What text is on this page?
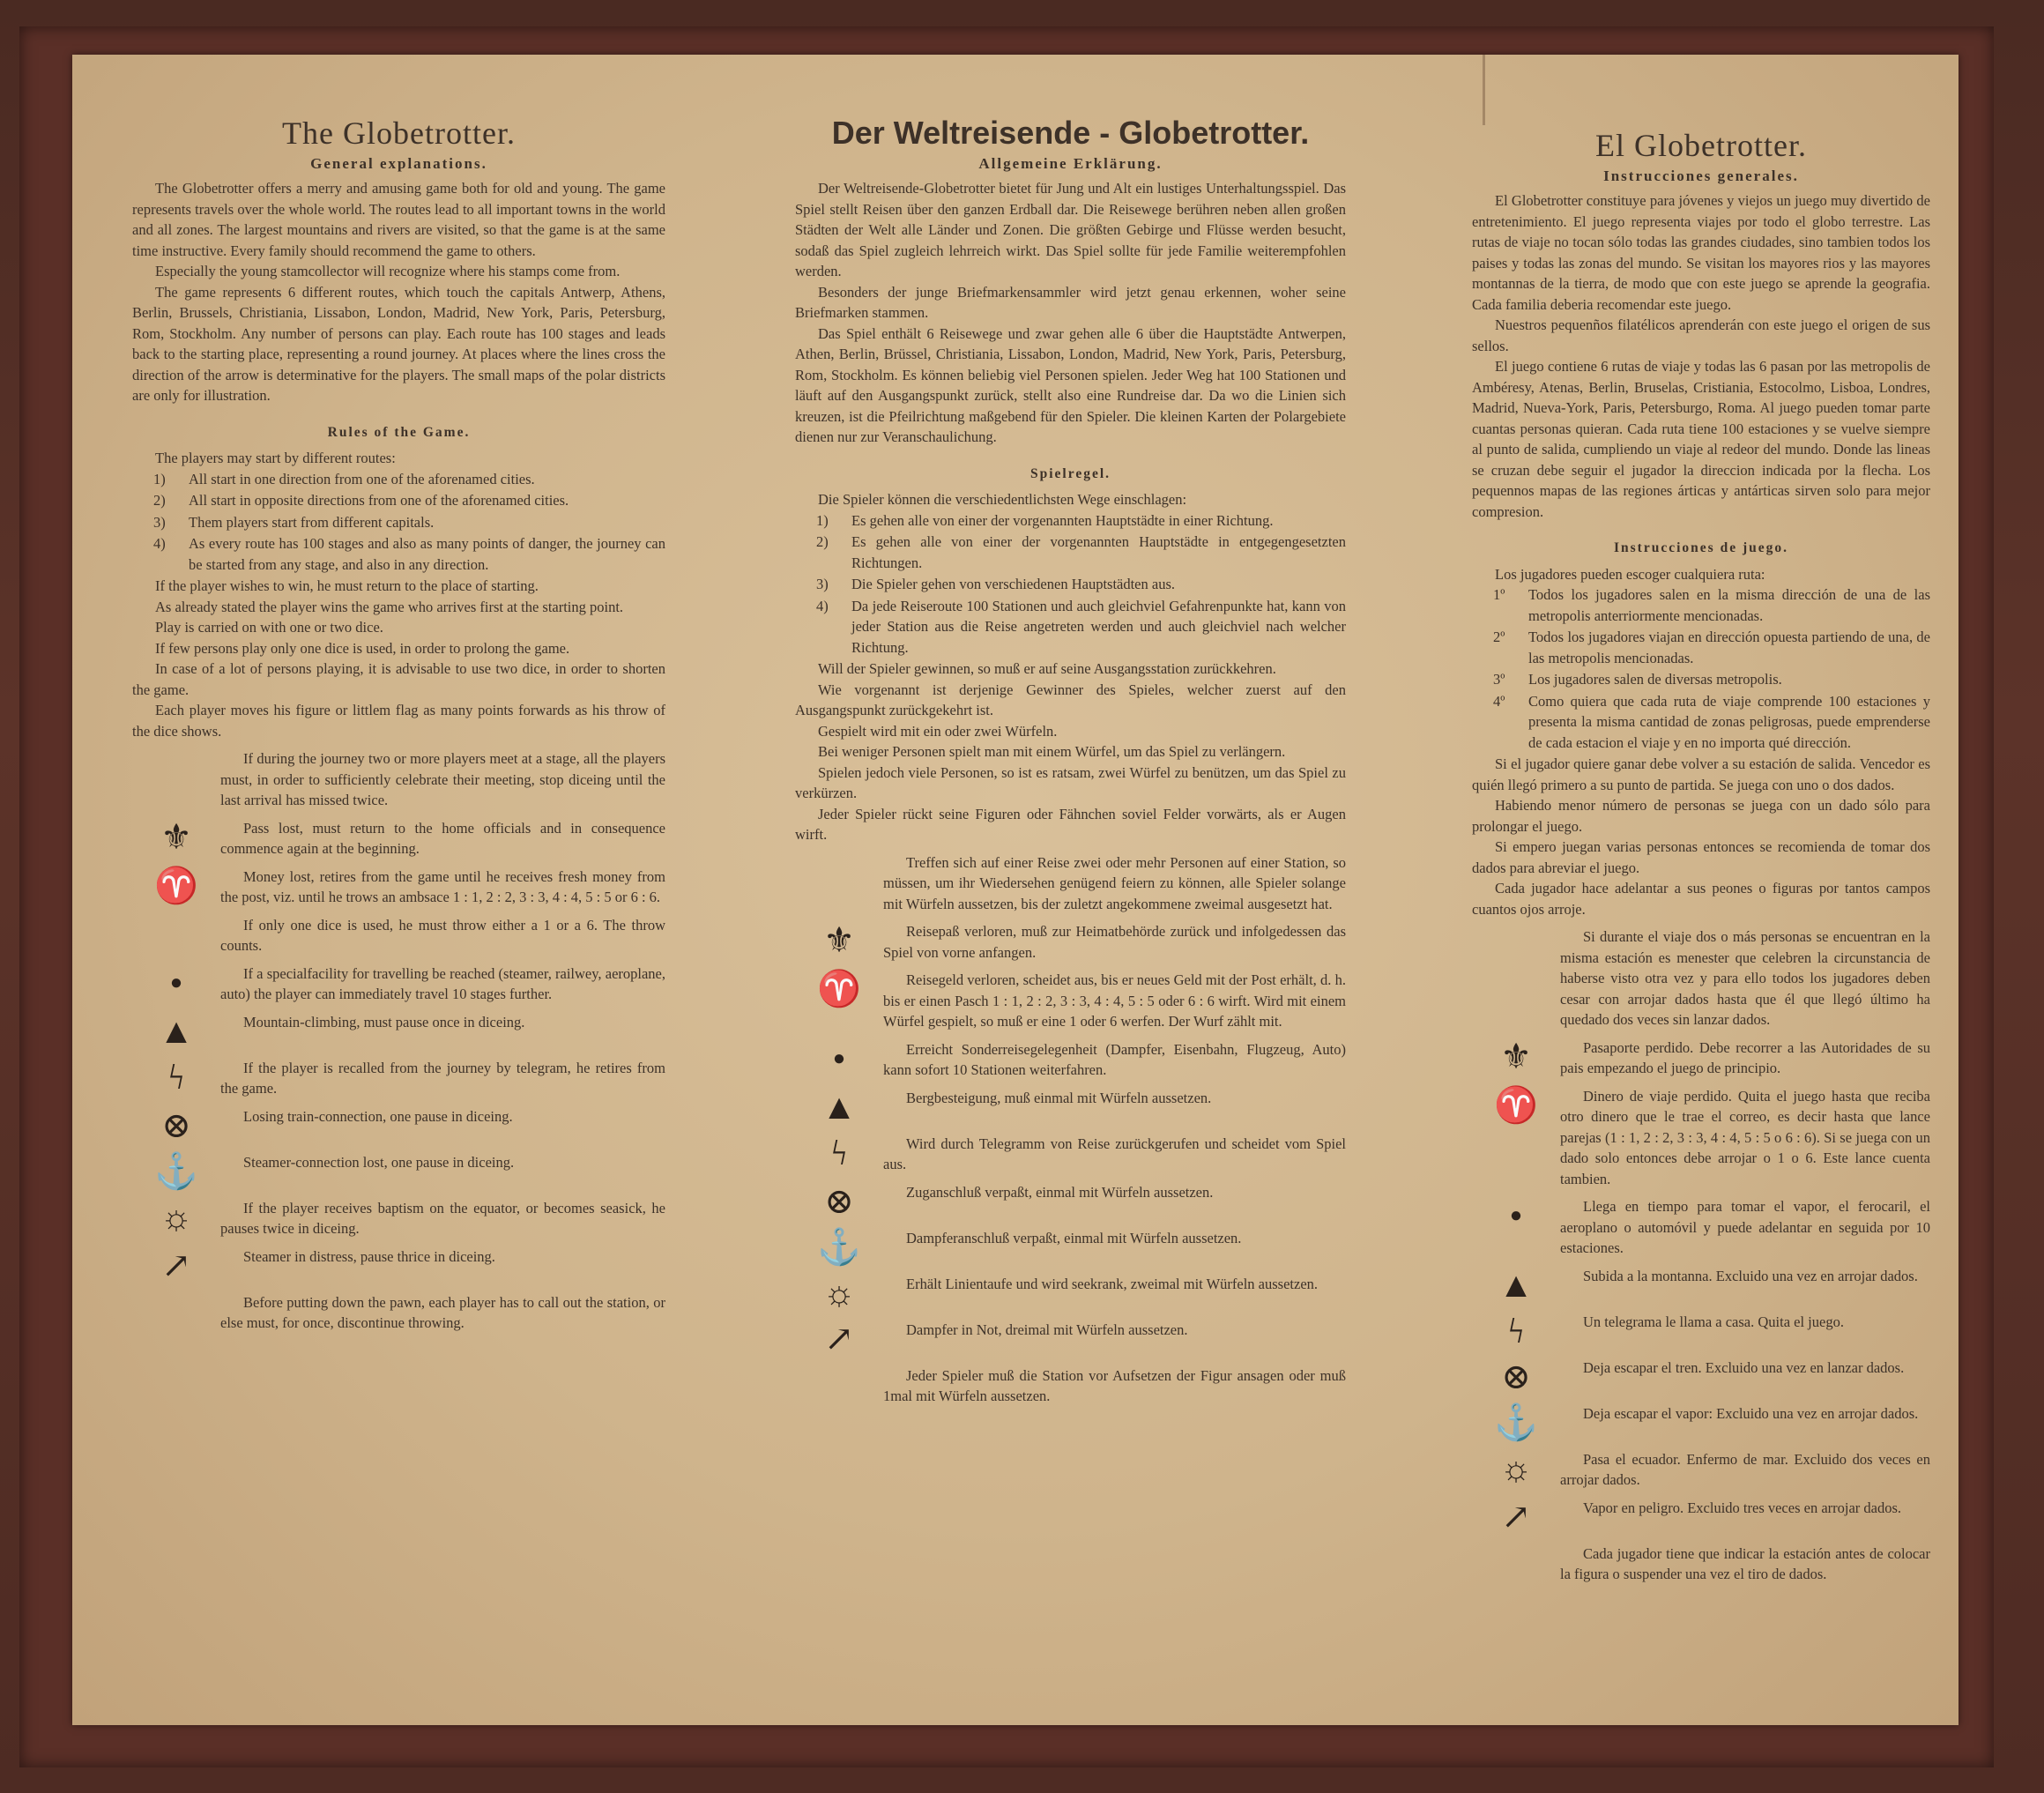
The Globetrotter.
General explanations.

The Globetrotter offers a merry and amusing game both for old and young. The game represents travels over the whole world. The routes lead to all important towns in the world and all zones. The largest mountains and rivers are visited, so that the game is at the same time instructive. Every family should recommend the game to others.

Especially the young stamcollector will recognize where his stamps come from.

The game represents 6 different routes, which touch the capitals Antwerp, Athens, Berlin, Brussels, Christiania, Lissabon, London, Madrid, New York, Paris, Petersburg, Rom, Stockholm. Any number of persons can play. Each route has 100 stages and leads back to the starting place, representing a round journey. At places where the lines cross the direction of the arrow is determinative for the players. The small maps of the polar districts are only for illustration.

Rules of the Game.

The players may start by different routes:

1) All start in one direction from one of the aforenamed cities.
2) All start in opposite directions from one of the aforenamed cities.
3) Them players start from different capitals.
4) As every route has 100 stages and also as many points of danger, the journey can be started from any stage, and also in any direction.

If the player wishes to win, he must return to the place of starting.

As already stated the player wins the game who arrives first at the starting point.

Play is carried on with one or two dice.

If few persons play only one dice is used, in order to prolong the game.

In case of a lot of persons playing, it is advisable to use two dice, in order to shorten the game.

Each player moves his figure or littlem flag as many points forwards as his throw of the dice shows.

If during the journey two or more players meet at a stage, all the players must, in order to sufficiently celebrate their meeting, stop diceing until the last arrival has missed twice.
⚜	Pass lost, must return to the home officials and in consequence commence again at the beginning.
♈	Money lost, retires from the game until he receives fresh money from the post, viz. until he trows an ambsace 1 : 1, 2 : 2, 3 : 3, 4 : 4, 5 : 5 or 6 : 6.
If only one dice is used, he must throw either a 1 or a 6. The throw counts.
●	If a specialfacility for travelling be reached (steamer, railwey, aeroplane, auto) the player can immediately travel 10 stages further.
▲	Mountain-climbing, must pause once in diceing.
ϟ	If the player is recalled from the journey by telegram, he retires from the game.
⊗	Losing train-connection, one pause in diceing.
⚓	Steamer-connection lost, one pause in diceing.
☼	If the player receives baptism on the equator, or becomes seasick, he pauses twice in diceing.
↗	Steamer in distress, pause thrice in diceing.
Before putting down the pawn, each player has to call out the station, or else must, for once, discontinue throwing.
Der Weltreisende - Globetrotter.
Allgemeine Erklärung.

Der Weltreisende-Globetrotter bietet für Jung und Alt ein lustiges Unterhaltungsspiel. Das Spiel stellt Reisen über den ganzen Erdball dar. Die Reisewege berühren neben allen großen Städten der Welt alle Länder und Zonen. Die größten Gebirge und Flüsse werden besucht, sodaß das Spiel zugleich lehrreich wirkt. Das Spiel sollte für jede Familie weiterempfohlen werden.

Besonders der junge Briefmarkensammler wird jetzt genau erkennen, woher seine Briefmarken stammen.

Das Spiel enthält 6 Reisewege und zwar gehen alle 6 über die Hauptstädte Antwerpen, Athen, Berlin, Brüssel, Christiania, Lissabon, London, Madrid, New York, Paris, Petersburg, Rom, Stockholm. Es können beliebig viel Personen spielen. Jeder Weg hat 100 Stationen und läuft auf den Ausgangspunkt zurück, stellt also eine Rundreise dar. Da wo die Linien sich kreuzen, ist die Pfeilrichtung maßgebend für den Spieler. Die kleinen Karten der Polargebiete dienen nur zur Veranschaulichung.

Spielregel.

Die Spieler können die verschiedentlichsten Wege einschlagen:

1) Es gehen alle von einer der vorgenannten Hauptstädte in einer Richtung.
2) Es gehen alle von einer der vorgenannten Hauptstädte in entgegengesetzten Richtungen.
3) Die Spieler gehen von verschiedenen Hauptstädten aus.
4) Da jede Reiseroute 100 Stationen und auch gleichviel Gefahrenpunkte hat, kann von jeder Station aus die Reise angetreten werden und auch gleichviel nach welcher Richtung.

Will der Spieler gewinnen, so muß er auf seine Ausgangsstation zurückkehren.

Wie vorgenannt ist derjenige Gewinner des Spieles, welcher zuerst auf den Ausgangspunkt zurückgekehrt ist.

Gespielt wird mit ein oder zwei Würfeln.

Bei weniger Personen spielt man mit einem Würfel, um das Spiel zu verlängern.

Spielen jedoch viele Personen, so ist es ratsam, zwei Würfel zu benützen, um das Spiel zu verkürzen.

Jeder Spieler rückt seine Figuren oder Fähnchen soviel Felder vorwärts, als er Augen wirft.

Treffen sich auf einer Reise zwei oder mehr Personen auf einer Station, so müssen, um ihr Wiedersehen genügend feiern zu können, alle Spieler solange mit Würfeln aussetzen, bis der zuletzt angekommene zweimal ausgesetzt hat.
⚜	Reisepaß verloren, muß zur Heimatbehörde zurück und infolgedessen das Spiel von vorne anfangen.
♈	Reisegeld verloren, scheidet aus, bis er neues Geld mit der Post erhält, d. h. bis er einen Pasch 1 : 1, 2 : 2, 3 : 3, 4 : 4, 5 : 5 oder 6 : 6 wirft. Wird mit einem Würfel gespielt, so muß er eine 1 oder 6 werfen. Der Wurf zählt mit.
●	Erreicht Sonderreisegelegenheit (Dampfer, Eisenbahn, Flugzeug, Auto) kann sofort 10 Stationen weiterfahren.
▲	Bergbesteigung, muß einmal mit Würfeln aussetzen.
ϟ	Wird durch Telegramm von Reise zurückgerufen und scheidet vom Spiel aus.
⊗	Zuganschluß verpaßt, einmal mit Würfeln aussetzen.
⚓	Dampferanschluß verpaßt, einmal mit Würfeln aussetzen.
☼	Erhält Linientaufe und wird seekrank, zweimal mit Würfeln aussetzen.
↗	Dampfer in Not, dreimal mit Würfeln aussetzen.
Jeder Spieler muß die Station vor Aufsetzen der Figur ansagen oder muß 1mal mit Würfeln aussetzen.
El Globetrotter.
Instrucciones generales.

El Globetrotter constituye para jóvenes y viejos un juego muy divertido de entretenimiento. El juego representa viajes por todo el globo terrestre. Las rutas de viaje no tocan sólo todas las grandes ciudades, sino tambien todos los paises y todas las zonas del mundo. Se visitan los mayores rios y las mayores montannas de la tierra, de modo que con este juego se aprende la geografia. Cada familia deberia recomendar este juego.

Nuestros pequenños filatélicos aprenderán con este juego el origen de sus sellos.

El juego contiene 6 rutas de viaje y todas las 6 pasan por las metropolis de Ambéresy, Atenas, Berlin, Bruselas, Cristiania, Estocolmo, Lisboa, Londres, Madrid, Nueva-York, Paris, Petersburgo, Roma. Al juego pueden tomar parte cuantas personas quieran. Cada ruta tiene 100 estaciones y se vuelve siempre al punto de salida, cumpliendo un viaje al redeor del mundo. Donde las lineas se cruzan debe seguir el jugador la direccion indicada por la flecha. Los pequennos mapas de las regiones árticas y antárticas sirven solo para mejor compresion.

Instrucciones de juego.

Los jugadores pueden escoger cualquiera ruta:

1º Todos los jugadores salen en la misma dirección de una de las metropolis anterriormente mencionadas.
2º Todos los jugadores viajan en dirección opuesta partiendo de una, de las metropolis mencionadas.
3º Los jugadores salen de diversas metropolis.
4º Como quiera que cada ruta de viaje comprende 100 estaciones y presenta la misma cantidad de zonas peligrosas, puede emprenderse de cada estacion el viaje y en no importa qué dirección.

Si el jugador quiere ganar debe volver a su estación de salida. Vencedor es quién llegó primero a su punto de partida. Se juega con uno o dos dados.

Habiendo menor número de personas se juega con un dado sólo para prolongar el juego.

Si empero juegan varias personas entonces se recomienda de tomar dos dados para abreviar el juego.

Cada jugador hace adelantar a sus peones o figuras por tantos campos cuantos ojos arroje.

Si durante el viaje dos o más personas se encuentran en la misma estación es menester que celebren la circunstancia de haberse visto otra vez y para ello todos los jugadores deben cesar con arrojar dados hasta que él que llegó último ha quedado dos veces sin lanzar dados.
⚜	Pasaporte perdido. Debe recorrer a las Autoridades de su pais empezando el juego de principio.
♈	Dinero de viaje perdido. Quita el juego hasta que reciba otro dinero que le trae el correo, es decir hasta que lance parejas (1 : 1, 2 : 2, 3 : 3, 4 : 4, 5 : 5 o 6 : 6). Si se juega con un dado solo entonces debe arrojar o 1 o 6. Este lance cuenta tambien.
●	Llega en tiempo para tomar el vapor, el ferocaril, el aeroplano o automóvil y puede adelantar en seguida por 10 estaciones.
▲	Subida a la montanna. Excluido una vez en arrojar dados.
ϟ	Un telegrama le llama a casa. Quita el juego.
⊗	Deja escapar el tren. Excluido una vez en lanzar dados.
⚓	Deja escapar el vapor: Excluido una vez en arrojar dados.
☼	Pasa el ecuador. Enfermo de mar. Excluido dos veces en arrojar dados.
↗	Vapor en peligro. Excluido tres veces en arrojar dados.
Cada jugador tiene que indicar la estación antes de colocar la figura o suspender una vez el tiro de dados.
